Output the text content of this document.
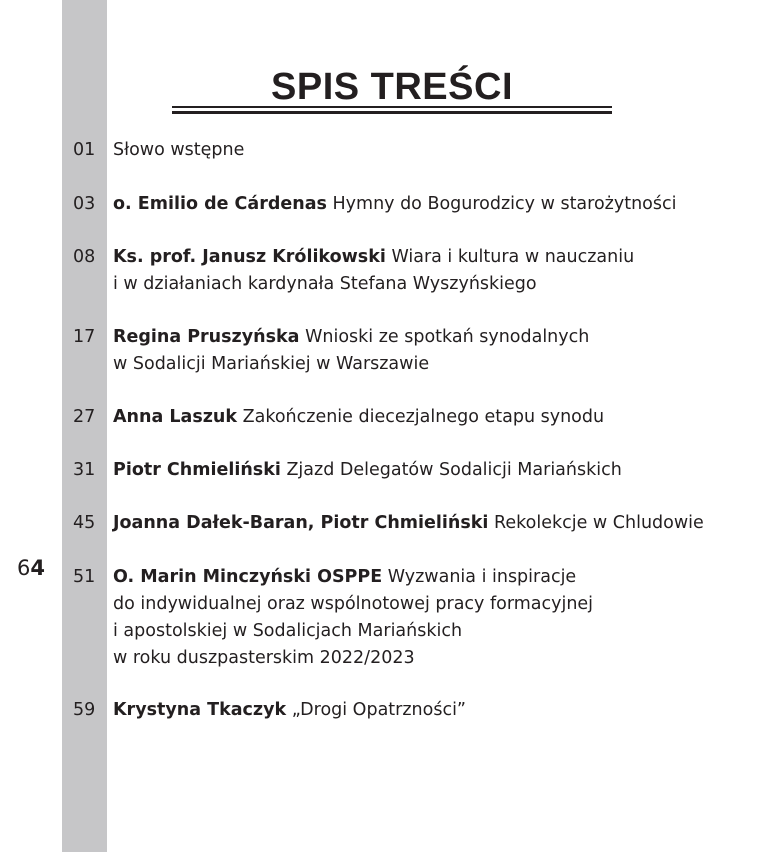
SPIS TREŚCI
64
01	Słowo wstępne
03	o. Emilio de Cárdenas Hymny do Bogurodzicy w starożytności
08	Ks. prof. Janusz Królikowski Wiara i kultura w nauczaniu
i w działaniach kardynała Stefana Wyszyńskiego
17	Regina Pruszyńska Wnioski ze spotkań synodalnych
w Sodalicji Mariańskiej w Warszawie
27	Anna Laszuk Zakończenie diecezjalnego etapu synodu
31	Piotr Chmieliński Zjazd Delegatów Sodalicji Mariańskich
45	Joanna Dałek-Baran, Piotr Chmieliński Rekolekcje w Chludowie
51	O. Marin Minczyński OSPPE Wyzwania i inspiracje
do indywidualnej oraz wspólnotowej pracy formacyjnej
i apostolskiej w Sodalicjach Mariańskich
w roku duszpasterskim 2022/2023
59	Krystyna Tkaczyk „Drogi Opatrzności”
